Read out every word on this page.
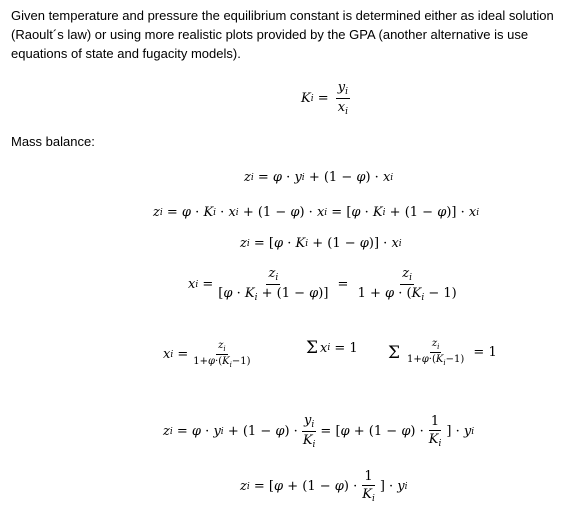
Given temperature and pressure the equilibrium constant is determined either as ideal solution (Raoult´s law) or using more realistic plots provided by the GPA (another alternative is use equations of state and fugacity models).

K $i = \frac{y_i}{x_i}$

Mass balance:

z i = φ · y i + (1 − φ ) · x i
z i = φ · K i · x i + (1 − φ ) · x i = [ φ · K i + (1 − φ )] · x i
z i = [ φ · K i + (1 − φ )] · x i
x $i = \frac{z_i}{[\varphi \cdot K_i + (1 - \varphi)]} = \frac{z_i}{1 + \varphi \cdot (K_i - 1)}$
x $i = \frac{z_i}{1+\varphi\cdot(K_i-1)}$	Σ x i = 1 Σ $\frac{z_i}{1+\varphi\cdot(K_i-1)} = 1$
z i = φ · y i + (1 − φ ) · $\frac{y_i}{K_i}$ = [ φ + (1 − φ ) · $\frac{1}{K_i}$ ] · y i
z i = [ φ + (1 − φ ) · $\frac{1}{K_i}$ ] · y i
